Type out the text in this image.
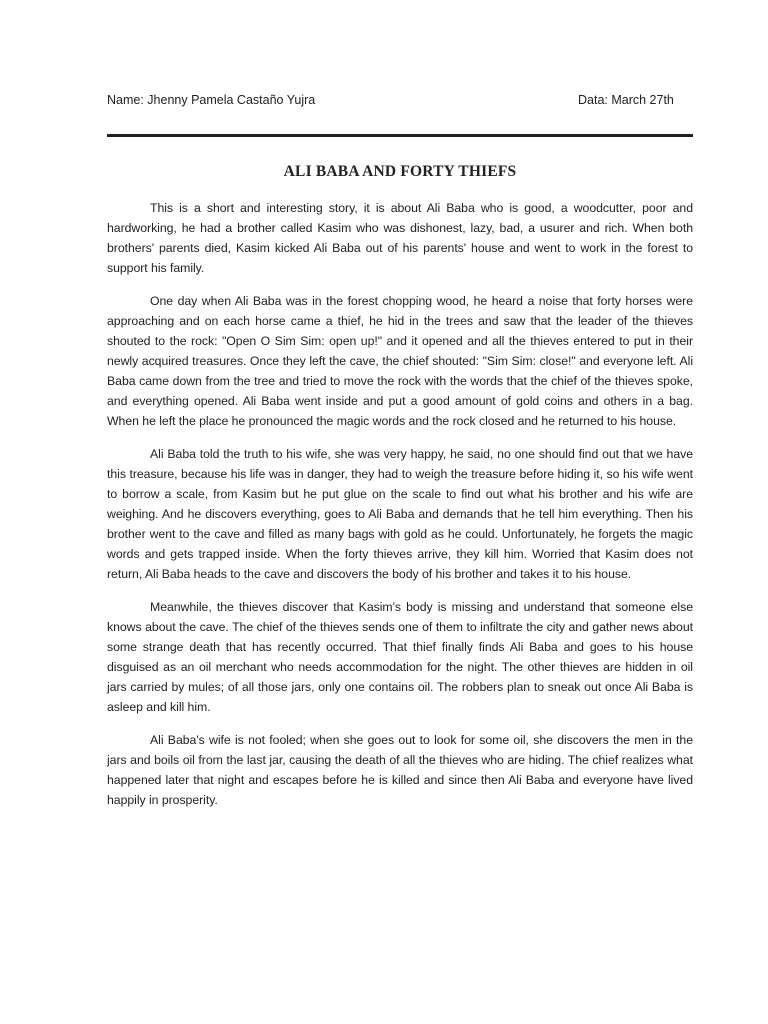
Name: Jhenny Pamela Castaño Yujra	Data: March 27th
ALI BABA AND FORTY THIEFS

This is a short and interesting story, it is about Ali Baba who is good, a woodcutter, poor and hardworking, he had a brother called Kasim who was dishonest, lazy, bad, a usurer and rich. When both brothers' parents died, Kasim kicked Ali Baba out of his parents' house and went to work in the forest to support his family.

One day when Ali Baba was in the forest chopping wood, he heard a noise that forty horses were approaching and on each horse came a thief, he hid in the trees and saw that the leader of the thieves shouted to the rock: "Open O Sim Sim: open up!" and it opened and all the thieves entered to put in their newly acquired treasures. Once they left the cave, the chief shouted: "Sim Sim: close!" and everyone left. Ali Baba came down from the tree and tried to move the rock with the words that the chief of the thieves spoke, and everything opened. Ali Baba went inside and put a good amount of gold coins and others in a bag. When he left the place he pronounced the magic words and the rock closed and he returned to his house.

Ali Baba told the truth to his wife, she was very happy, he said, no one should find out that we have this treasure, because his life was in danger, they had to weigh the treasure before hiding it, so his wife went to borrow a scale, from Kasim but he put glue on the scale to find out what his brother and his wife are weighing. And he discovers everything, goes to Ali Baba and demands that he tell him everything. Then his brother went to the cave and filled as many bags with gold as he could. Unfortunately, he forgets the magic words and gets trapped inside. When the forty thieves arrive, they kill him. Worried that Kasim does not return, Ali Baba heads to the cave and discovers the body of his brother and takes it to his house.

Meanwhile, the thieves discover that Kasim's body is missing and understand that someone else knows about the cave. The chief of the thieves sends one of them to infiltrate the city and gather news about some strange death that has recently occurred. That thief finally finds Ali Baba and goes to his house disguised as an oil merchant who needs accommodation for the night. The other thieves are hidden in oil jars carried by mules; of all those jars, only one contains oil. The robbers plan to sneak out once Ali Baba is asleep and kill him.

Ali Baba's wife is not fooled; when she goes out to look for some oil, she discovers the men in the jars and boils oil from the last jar, causing the death of all the thieves who are hiding. The chief realizes what happened later that night and escapes before he is killed and since then Ali Baba and everyone have lived happily in prosperity.
